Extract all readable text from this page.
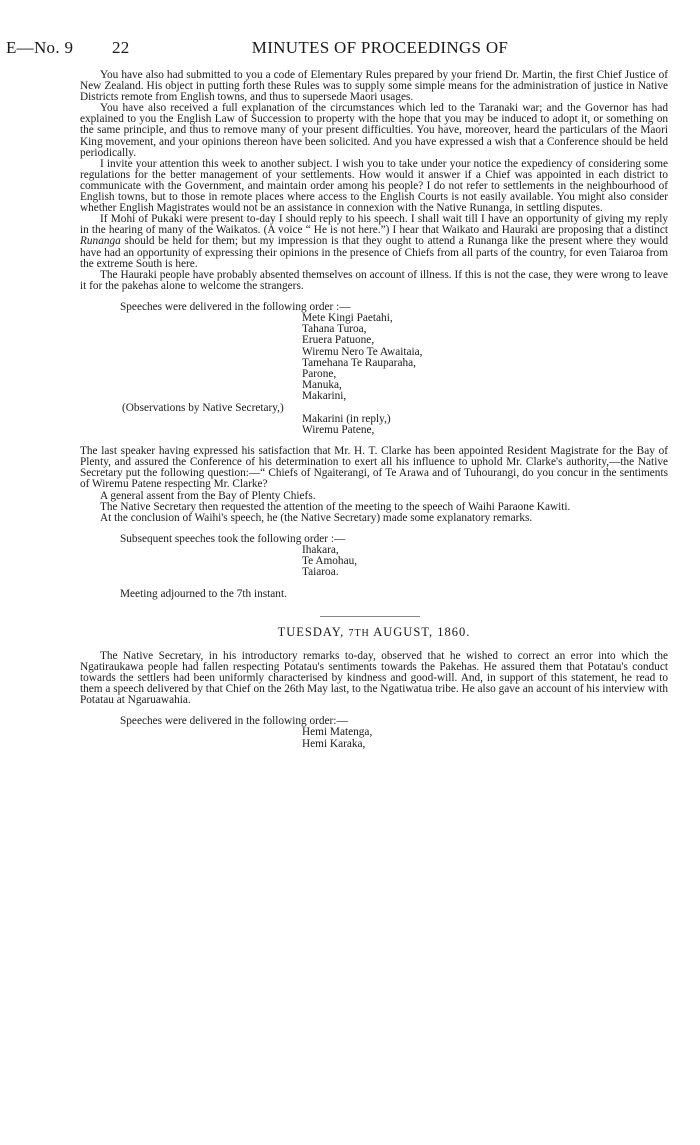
E—No. 9 22	MINUTES OF PROCEEDINGS OF

You have also had submitted to you a code of Elementary Rules prepared by your friend Dr. Martin, the first Chief Justice of New Zealand. His object in putting forth these Rules was to supply some simple means for the administration of justice in Native Districts remote from English towns, and thus to supersede Maori usages.

You have also received a full explanation of the circumstances which led to the Taranaki war; and the Governor has had explained to you the English Law of Succession to property with the hope that you may be induced to adopt it, or something on the same principle, and thus to remove many of your present difficulties. You have, moreover, heard the particulars of the Maori King movement, and your opinions thereon have been solicited. And you have expressed a wish that a Conference should be held periodically.

I invite your attention this week to another subject. I wish you to take under your notice the expediency of considering some regulations for the better management of your settlements. How would it answer if a Chief was appointed in each district to communicate with the Government, and maintain order among his people? I do not refer to settlements in the neighbourhood of English towns, but to those in remote places where access to the English Courts is not easily available. You might also consider whether English Magistrates would not be an assistance in connexion with the Native Runanga, in settling disputes.

If Mohi of Pukaki were present to-day I should reply to his speech. I shall wait till I have an opportunity of giving my reply in the hearing of many of the Waikatos. (A voice “ He is not here.”) I hear that Waikato and Hauraki are proposing that a distinct Runanga should be held for them; but my impression is that they ought to attend a Runanga like the present where they would have had an opportunity of expressing their opinions in the presence of Chiefs from all parts of the country, for even Taiaroa from the extreme South is here.

The Hauraki people have probably absented themselves on account of illness. If this is not the case, they were wrong to leave it for the pakehas alone to welcome the strangers.

Speeches were delivered in the following order :—

Mete Kingi Paetahi,
Tahana Turoa,
Eruera Patuone,
Wiremu Nero Te Awaitaia,
Tamehana Te Rauparaha,
Parone,
Manuka,
Makarini,
(Observations by Native Secretary,)
Makarini (in reply,)
Wiremu Patene,

The last speaker having expressed his satisfaction that Mr. H. T. Clarke has been appointed Resident Magistrate for the Bay of Plenty, and assured the Conference of his determination to exert all his influence to uphold Mr. Clarke's authority,—the Native Secretary put the following question:—“ Chiefs of Ngaiterangi, of Te Arawa and of Tuhourangi, do you concur in the sentiments of Wiremu Patene respecting Mr. Clarke?

A general assent from the Bay of Plenty Chiefs.

The Native Secretary then requested the attention of the meeting to the speech of Waihi Paraone Kawiti.

At the conclusion of Waihi's speech, he (the Native Secretary) made some explanatory remarks.

Subsequent speeches took the following order :—

Ihakara,
Te Amohau,
Taiaroa.

Meeting adjourned to the 7th instant.

TUESDAY, 7TH AUGUST, 1860.

The Native Secretary, in his introductory remarks to-day, observed that he wished to correct an error into which the Ngatiraukawa people had fallen respecting Potatau's sentiments towards the Pakehas. He assured them that Potatau's conduct towards the settlers had been uniformly characterised by kindness and good-will. And, in support of this statement, he read to them a speech delivered by that Chief on the 26th May last, to the Ngatiwatua tribe. He also gave an account of his interview with Potatau at Ngaruawahia.

Speeches were delivered in the following order:—

Hemi Matenga,
Hemi Karaka,
